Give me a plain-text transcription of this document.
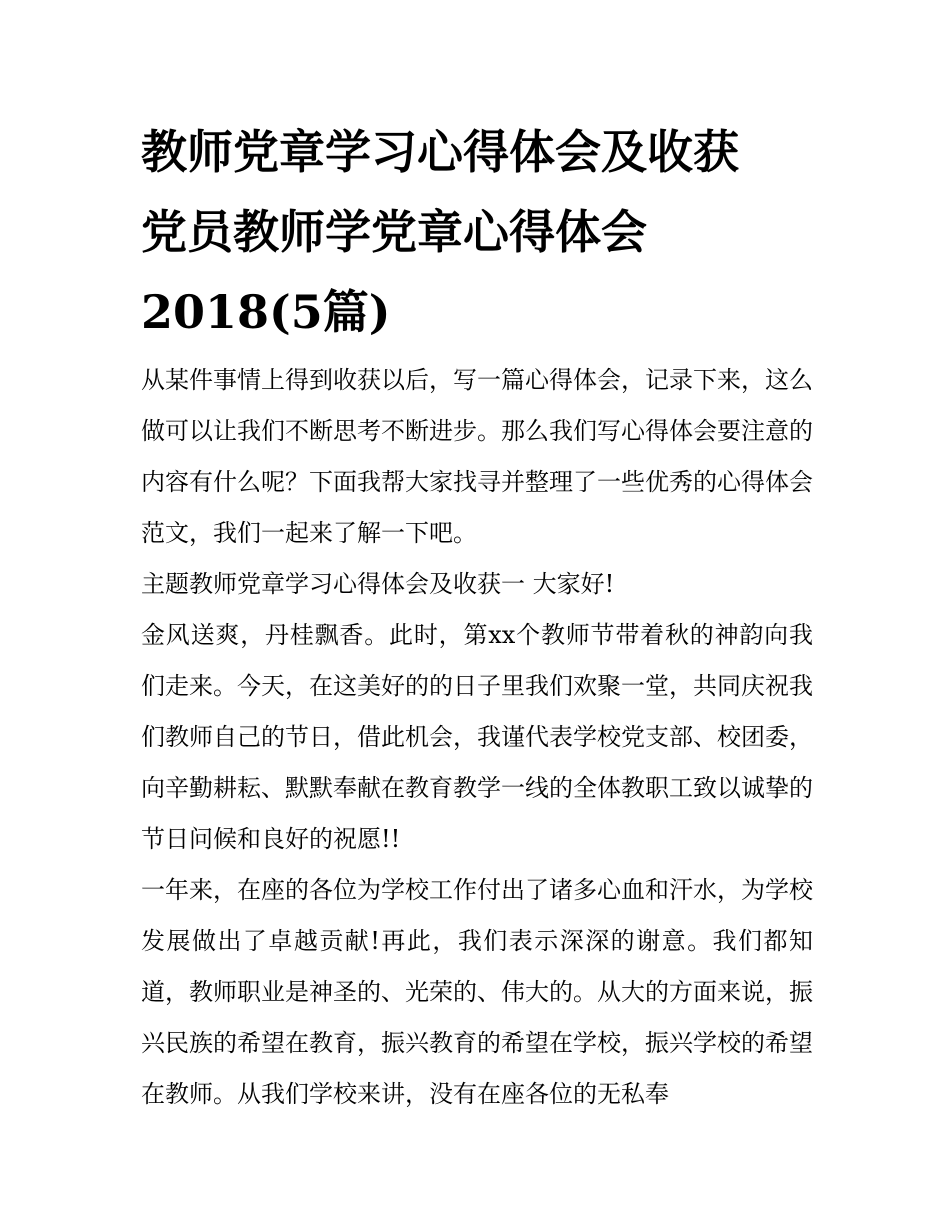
教师党章学习心得体会及收获
党员教师学党章心得体会
2018(5篇)

从某件事情上得到收获以后，写一篇心得体会，记录下来，这么做可以让我们不断思考不断进步。那么我们写心得体会要注意的内容有什么呢？下面我帮大家找寻并整理了一些优秀的心得体会范文，我们一起来了解一下吧。

主题教师党章学习心得体会及收获一 大家好!

金风送爽，丹桂飘香。此时，第xx个教师节带着秋的神韵向我们走来。今天，在这美好的的日子里我们欢聚一堂，共同庆祝我们教师自己的节日，借此机会，我谨代表学校党支部、校团委，向辛勤耕耘、默默奉献在教育教学一线的全体教职工致以诚挚的节日问候和良好的祝愿!!

一年来，在座的各位为学校工作付出了诸多心血和汗水，为学校发展做出了卓越贡献!再此，我们表示深深的谢意。我们都知道，教师职业是神圣的、光荣的、伟大的。从大的方面来说，振兴民族的希望在教育，振兴教育的希望在学校，振兴学校的希望在教师。从我们学校来讲，没有在座各位的无私奉
